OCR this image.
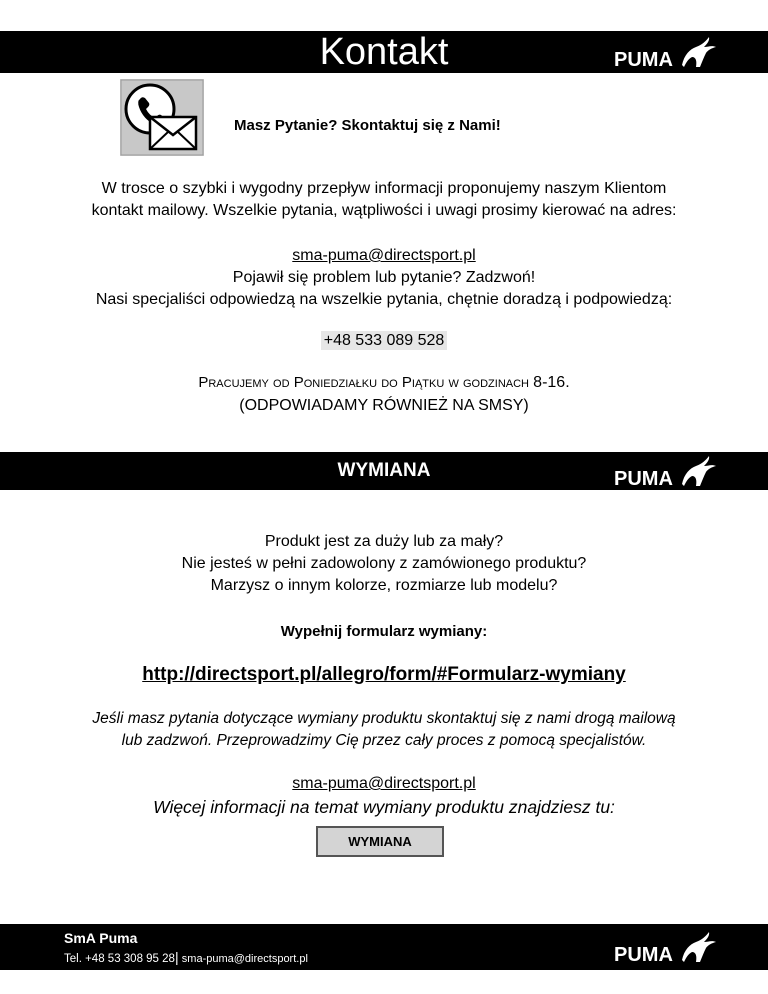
Kontakt	PUMA
Masz Pytanie? Skontaktuj się z Nami!
W trosce o szybki i wygodny przepływ informacji proponujemy naszym Klientom
kontakt mailowy. Wszelkie pytania, wątpliwości i uwagi prosimy kierować na adres:
sma-puma@directsport.pl
Pojawił się problem lub pytanie? Zadzwoń!
Nasi specjaliści odpowiedzą na wszelkie pytania, chętnie doradzą i podpowiedzą:
+48 533 089 528
Pracujemy od Poniedziałku do Piątku w godzinach 8-16.
(ODPOWIADAMY RÓWNIEŻ NA SMSY)
WYMIANA	PUMA
Produkt jest za duży lub za mały?
Nie jesteś w pełni zadowolony z zamówionego produktu?
Marzysz o innym kolorze, rozmiarze lub modelu?
Wypełnij formularz wymiany:
http://directsport.pl/allegro/form/#Formularz-wymiany
Jeśli masz pytania dotyczące wymiany produktu skontaktuj się z nami drogą mailową
lub zadzwoń. Przeprowadzimy Cię przez cały proces z pomocą specjalistów.
sma-puma@directsport.pl
Więcej informacji na temat wymiany produktu znajdziesz tu:
WYMIANA
SmA Puma
Tel. +48 53 308 95 28| sma-puma@directsport.pl	PUMA
